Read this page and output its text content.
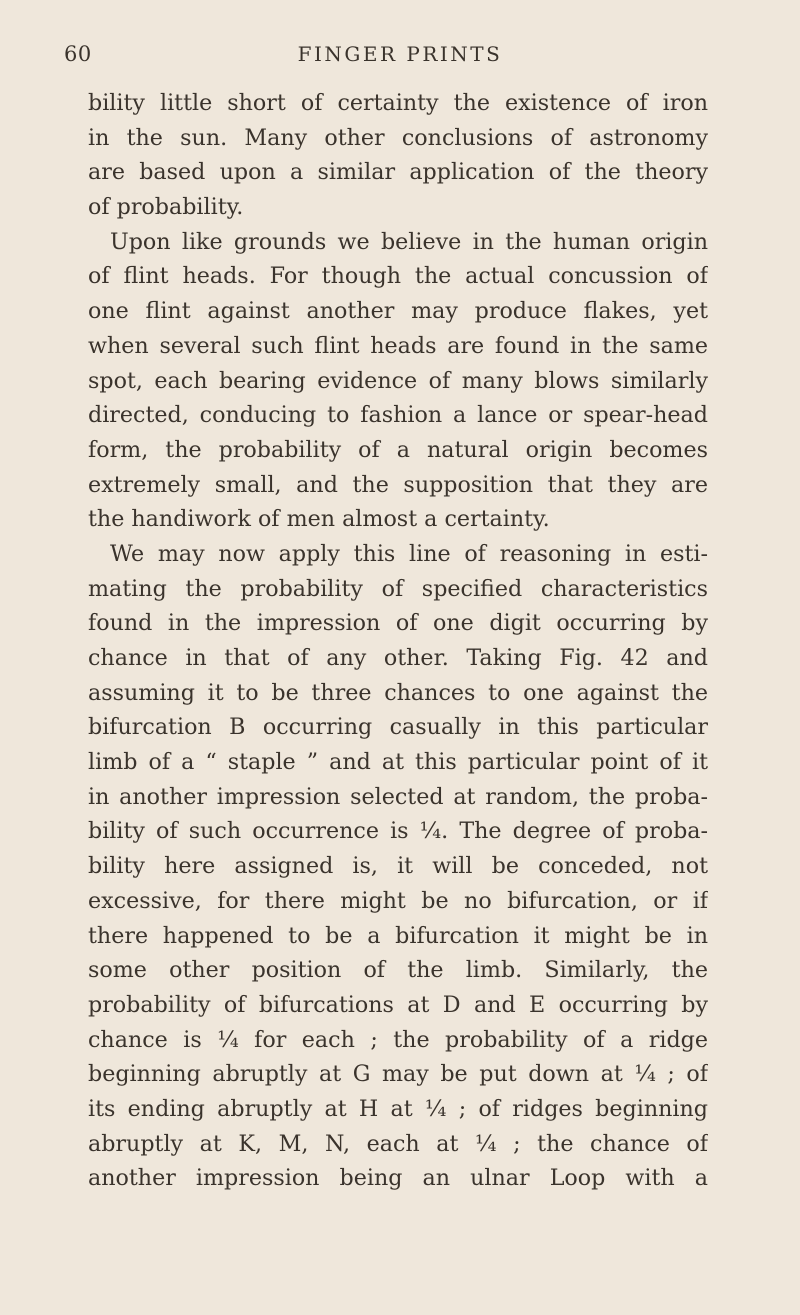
60	FINGER PRINTS
bility little short of certainty the existence of iron
in the sun. Many other conclusions of astronomy
are based upon a similar application of the theory
of probability.
Upon like grounds we believe in the human origin
of flint heads. For though the actual concussion of
one flint against another may produce flakes, yet
when several such flint heads are found in the same
spot, each bearing evidence of many blows similarly
directed, conducing to fashion a lance or spear-head
form, the probability of a natural origin becomes
extremely small, and the supposition that they are
the handiwork of men almost a certainty.
We may now apply this line of reasoning in esti-
mating the probability of specified characteristics
found in the impression of one digit occurring by
chance in that of any other. Taking Fig. 42 and
assuming it to be three chances to one against the
bifurcation B occurring casually in this particular
limb of a “ staple ” and at this particular point of it
in another impression selected at random, the proba-
bility of such occurrence is ¼. The degree of proba-
bility here assigned is, it will be conceded, not
excessive, for there might be no bifurcation, or if
there happened to be a bifurcation it might be in
some other position of the limb. Similarly, the
probability of bifurcations at D and E occurring by
chance is ¼ for each ; the probability of a ridge
beginning abruptly at G may be put down at ¼ ; of
its ending abruptly at H at ¼ ; of ridges beginning
abruptly at K, M, N, each at ¼ ; the chance of
another impression being an ulnar Loop with a
